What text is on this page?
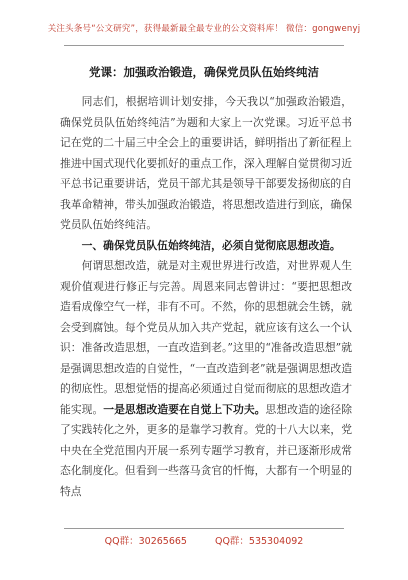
关注头条号“公文研究”，获得最新最全最专业的公文资料库！ 微信：gongwenyj
党课：加强政治锻造，确保党员队伍始终纯洁

同志们，根据培训计划安排，今天我以“加强政治锻造，确保党员队伍始终纯洁”为题和大家上一次党课。习近平总书记在党的二十届三中全会上的重要讲话，鲜明指出了新征程上推进中国式现代化要抓好的重点工作，深入理解自觉贯彻习近平总书记重要讲话，党员干部尤其是领导干部要发扬彻底的自我革命精神，带头加强政治锻造，将思想改造进行到底，确保党员队伍始终纯洁。

一、确保党员队伍始终纯洁，必须自觉彻底思想改造。

何谓思想改造，就是对主观世界进行改造，对世界观人生观价值观进行修正与完善。周恩来同志曾讲过：“要把思想改造看成像空气一样，非有不可。不然，你的思想就会生锈，就会受到腐蚀。每个党员从加入共产党起，就应该有这么一个认识：准备改造思想，一直改造到老。”这里的“准备改造思想”就是强调思想改造的自觉性，“一直改造到老”就是强调思想改造的彻底性。思想觉悟的提高必须通过自觉而彻底的思想改造才能实现。一是思想改造要在自觉上下功夫。思想改造的途径除了实践转化之外，更多的是靠学习教育。党的十八大以来，党中央在全党范围内开展一系列专题学习教育，并已逐渐形成常态化制度化。但看到一些落马贪官的忏悔，大都有一个明显的特点

QQ群：30265665	QQ群：535304092
